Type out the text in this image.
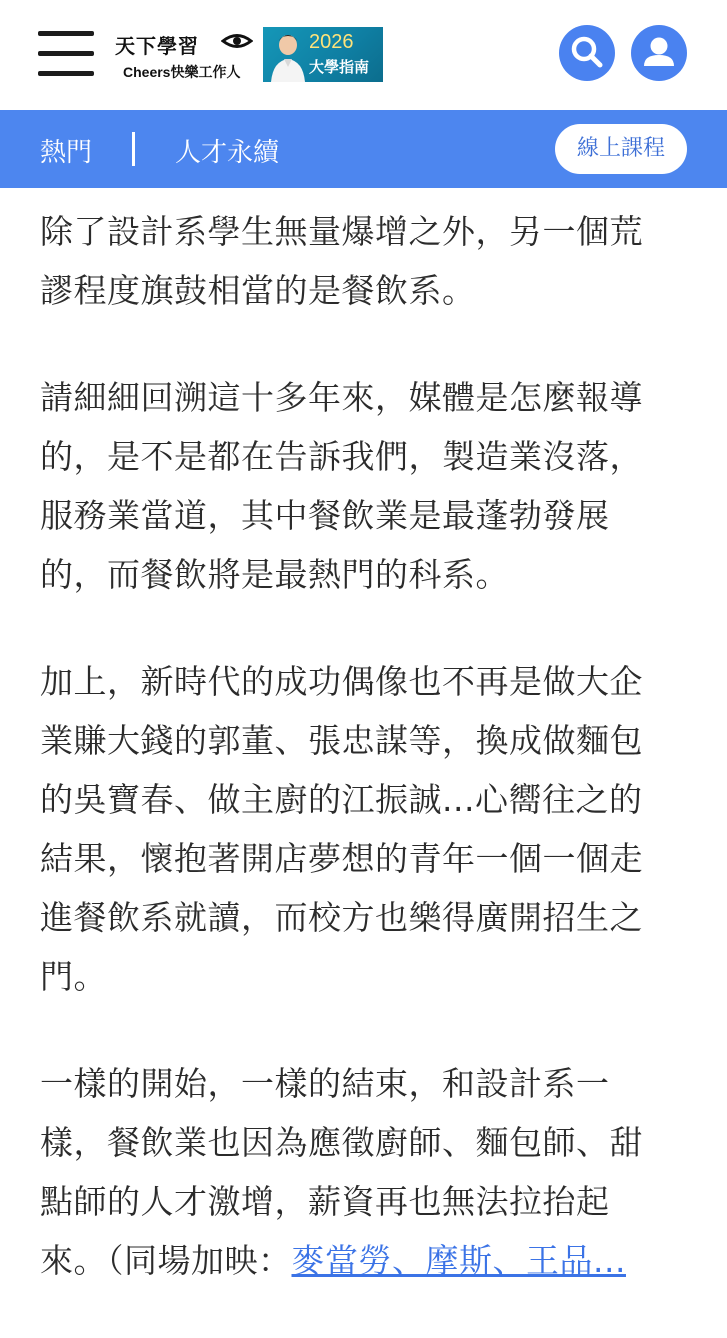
天下學習
Cheers快樂工作人
2026
大學指南
熱門	人才永續	線上課程

除了設計系學生無量爆增之外，另一個荒
謬程度旗鼓相當的是餐飲系。

請細細回溯這十多年來，媒體是怎麼報導
的，是不是都在告訴我們，製造業沒落，
服務業當道，其中餐飲業是最蓬勃發展
的，而餐飲將是最熱門的科系。

加上，新時代的成功偶像也不再是做大企
業賺大錢的郭董、張忠謀等，換成做麵包
的吳寶春、做主廚的江振誠...心嚮往之的
結果，懷抱著開店夢想的青年一個一個走
進餐飲系就讀，而校方也樂得廣開招生之
門。

一樣的開始，一樣的結束，和設計系一
樣，餐飲業也因為應徵廚師、麵包師、甜
點師的人才激增，薪資再也無法拉抬起
來。（同場加映：麥當勞、摩斯、王品...
